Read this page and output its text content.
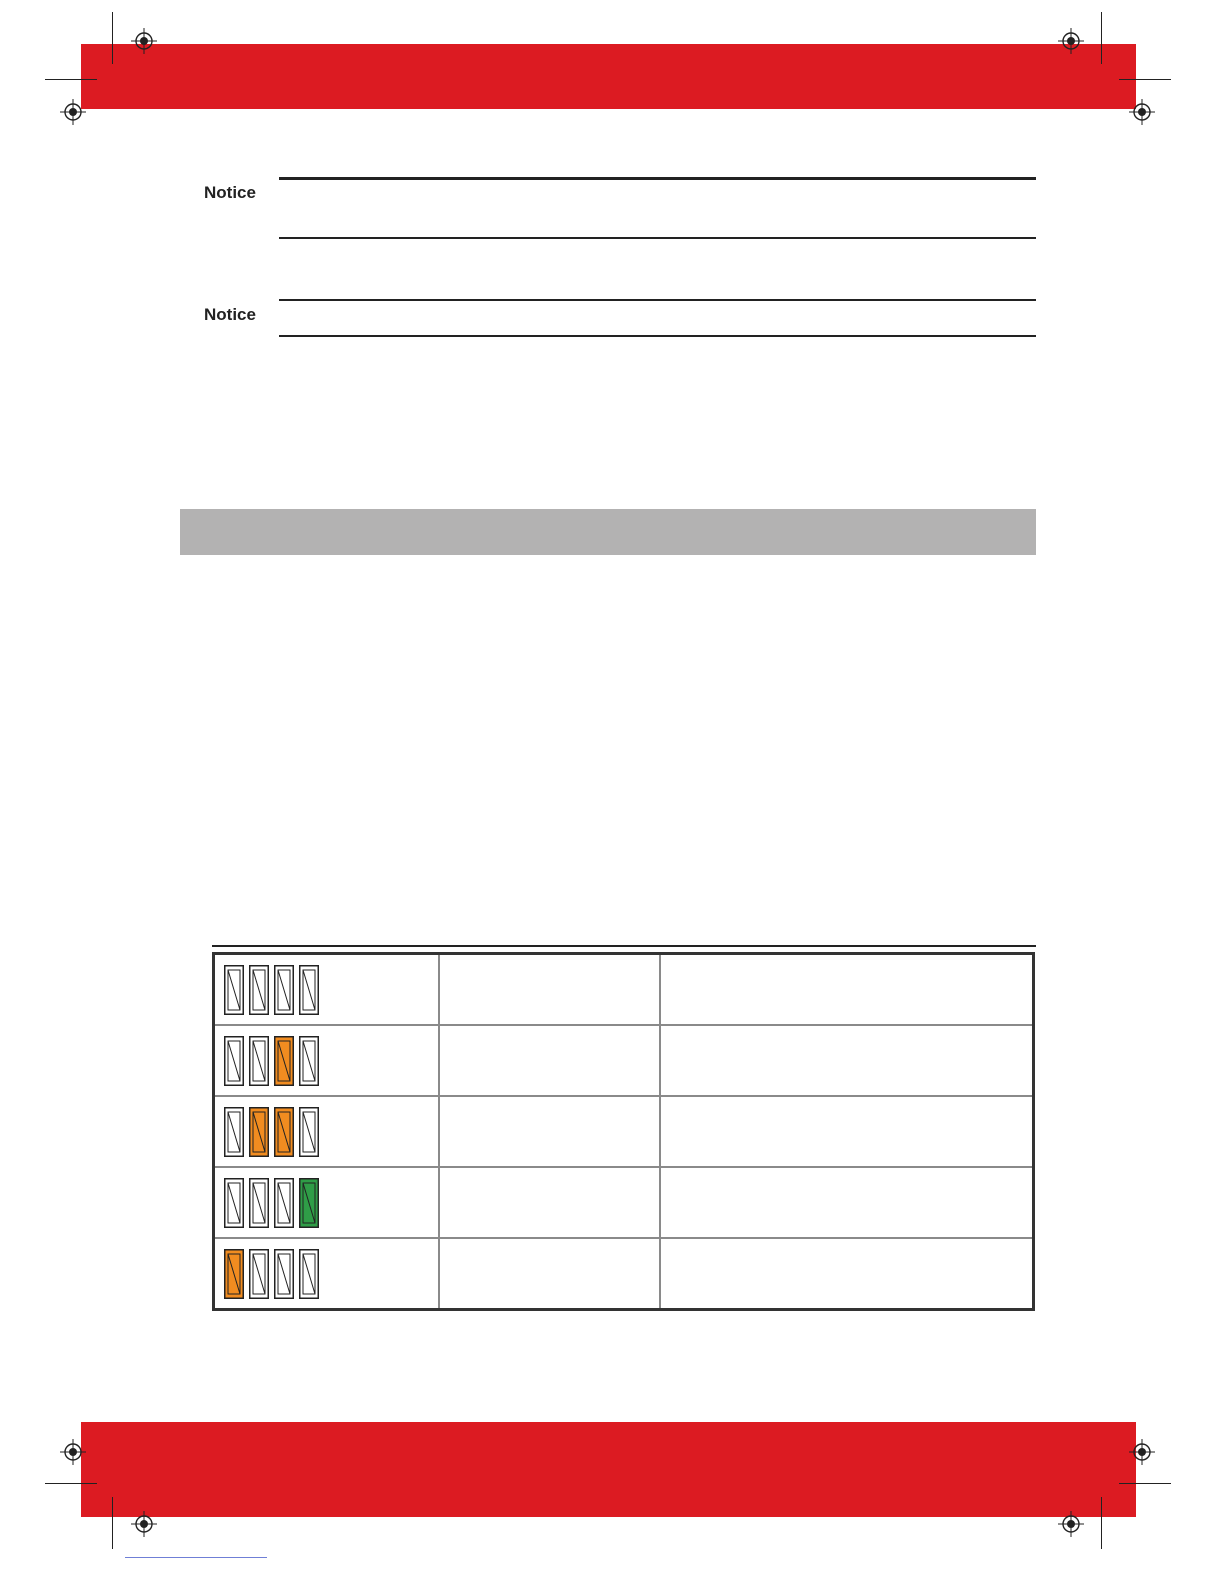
Notice
Notice
